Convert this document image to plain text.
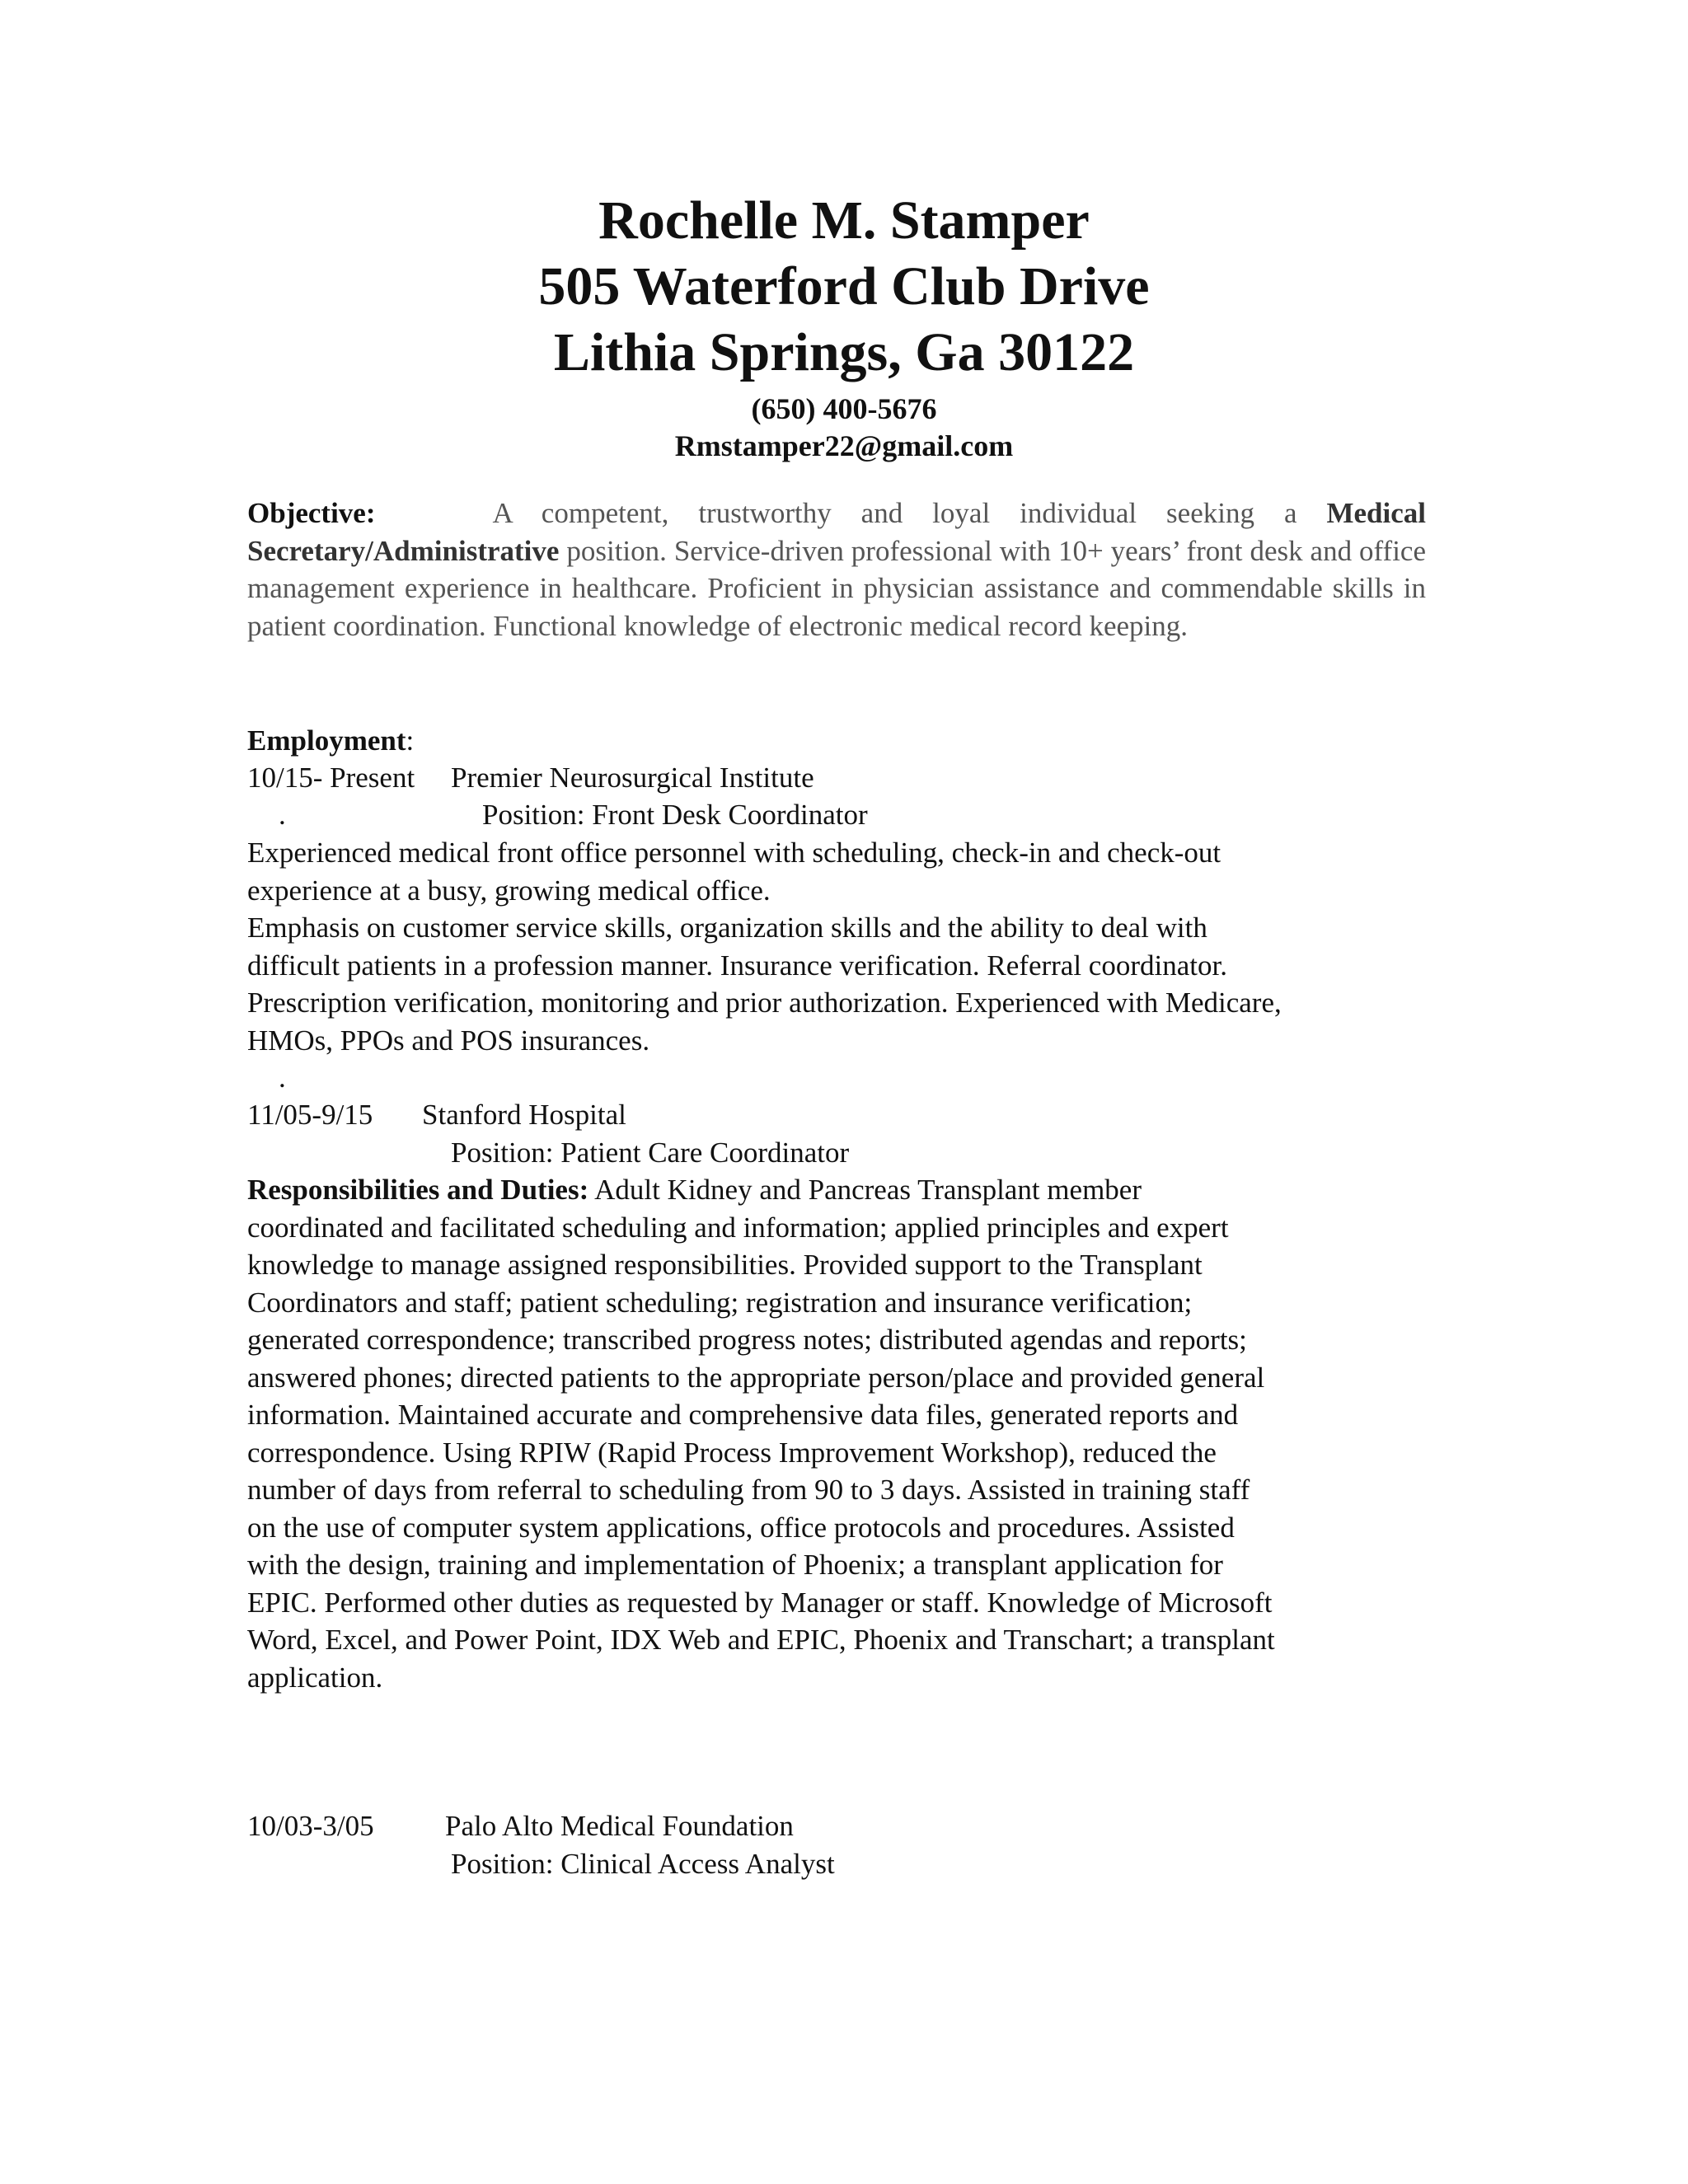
Rochelle M. Stamper
505 Waterford Club Drive
Lithia Springs, Ga 30122
(650) 400-5676
Rmstamper22@gmail.com
Objective:	A competent, trustworthy and loyal individual seeking a Medical Secretary/Administrative position. Service-driven professional with 10+ years’ front desk and office management experience in healthcare. Proficient in physician assistance and commendable skills in patient coordination. Functional knowledge of electronic medical record keeping.
Employment:
10/15- Present Premier Neurosurgical Institute
.	Position: Front Desk Coordinator
Experienced medical front office personnel with scheduling, check-in and check-out
experience at a busy, growing medical office.
Emphasis on customer service skills, organization skills and the ability to deal with
difficult patients in a profession manner. Insurance verification. Referral coordinator.
Prescription verification, monitoring and prior authorization. Experienced with Medicare,
HMOs, PPOs and POS insurances.
.
11/05-9/15 Stanford Hospital
Position: Patient Care Coordinator
Responsibilities and Duties: Adult Kidney and Pancreas Transplant member
coordinated and facilitated scheduling and information; applied principles and expert
knowledge to manage assigned responsibilities. Provided support to the Transplant
Coordinators and staff; patient scheduling; registration and insurance verification;
generated correspondence; transcribed progress notes; distributed agendas and reports;
answered phones; directed patients to the appropriate person/place and provided general
information. Maintained accurate and comprehensive data files, generated reports and
correspondence. Using RPIW (Rapid Process Improvement Workshop), reduced the
number of days from referral to scheduling from 90 to 3 days. Assisted in training staff
on the use of computer system applications, office protocols and procedures. Assisted
with the design, training and implementation of Phoenix; a transplant application for
EPIC. Performed other duties as requested by Manager or staff. Knowledge of Microsoft
Word, Excel, and Power Point, IDX Web and EPIC, Phoenix and Transchart; a transplant
application.
10/03-3/05 Palo Alto Medical Foundation
Position: Clinical Access Analyst
